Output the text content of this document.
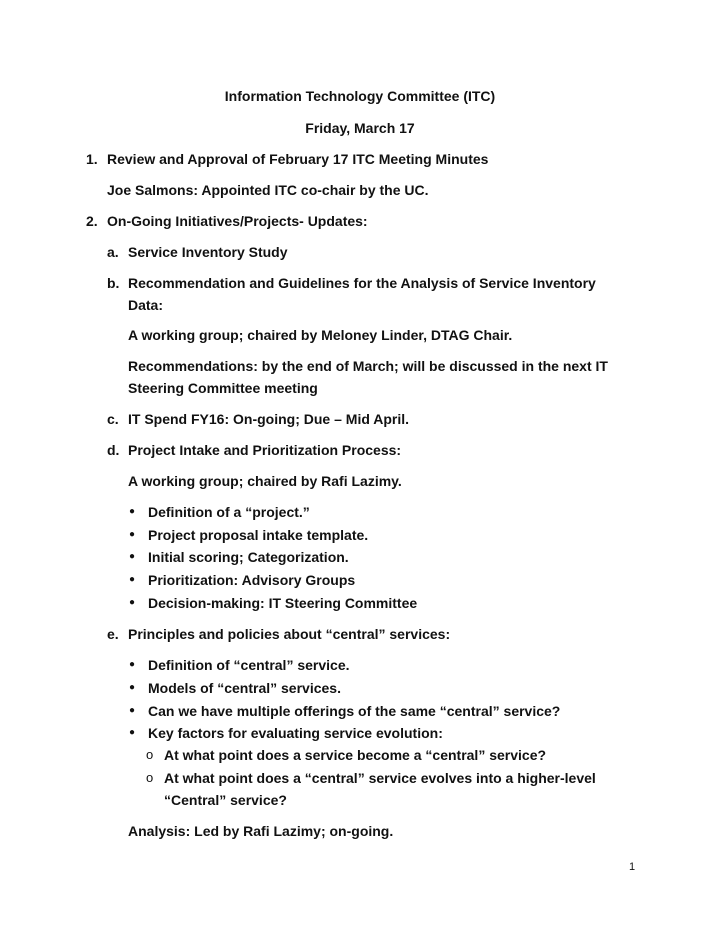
Information Technology Committee (ITC)
Friday, March 17
1. Review and Approval of February 17 ITC Meeting Minutes
Joe Salmons: Appointed ITC co-chair by the UC.
2. On-Going Initiatives/Projects- Updates:
a. Service Inventory Study
b. Recommendation and Guidelines for the Analysis of Service Inventory
Data:
A working group; chaired by Meloney Linder, DTAG Chair.
Recommendations: by the end of March; will be discussed in the next IT
Steering Committee meeting
c. IT Spend FY16: On-going; Due – Mid April.
d. Project Intake and Prioritization Process:
A working group; chaired by Rafi Lazimy.
● Definition of a “project.”
● Project proposal intake template.
● Initial scoring; Categorization.
● Prioritization: Advisory Groups
● Decision-making: IT Steering Committee
e. Principles and policies about “central” services:
● Definition of “central” service.
● Models of “central” services.
● Can we have multiple offerings of the same “central” service?
● Key factors for evaluating service evolution:
o At what point does a service become a “central” service?
o At what point does a “central” service evolves into a higher-level
“Central” service?
Analysis: Led by Rafi Lazimy; on-going.
1
